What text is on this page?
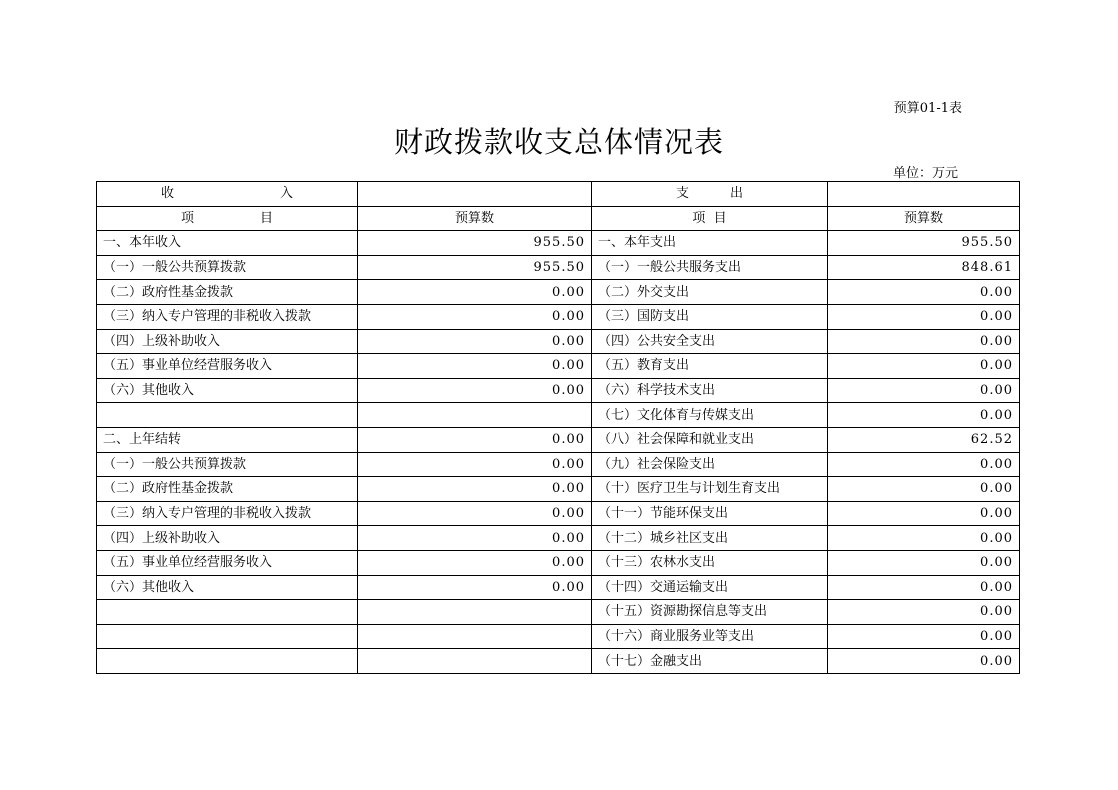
预算01-1表
财政拨款收支总体情况表
单位：万元
收 入		支 出	

项 目	预算数	项  目	预算数
一、本年收入	955.50	一、本年支出	955.50
（一）一般公共预算拨款	955.50	（一）一般公共服务支出	848.61
（二）政府性基金拨款	0.00	（二）外交支出	0.00
（三）纳入专户管理的非税收入拨款	0.00	（三）国防支出	0.00
（四）上级补助收入	0.00	（四）公共安全支出	0.00
（五）事业单位经营服务收入	0.00	（五）教育支出	0.00
（六）其他收入	0.00	（六）科学技术支出	0.00
		（七）文化体育与传媒支出	0.00
二、上年结转	0.00	（八）社会保障和就业支出	62.52
（一）一般公共预算拨款	0.00	（九）社会保险支出	0.00
（二）政府性基金拨款	0.00	（十）医疗卫生与计划生育支出	0.00
（三）纳入专户管理的非税收入拨款	0.00	（十一）节能环保支出	0.00
（四）上级补助收入	0.00	（十二）城乡社区支出	0.00
（五）事业单位经营服务收入	0.00	（十三）农林水支出	0.00
（六）其他收入	0.00	（十四）交通运输支出	0.00
		（十五）资源勘探信息等支出	0.00
		（十六）商业服务业等支出	0.00
		（十七）金融支出	0.00
